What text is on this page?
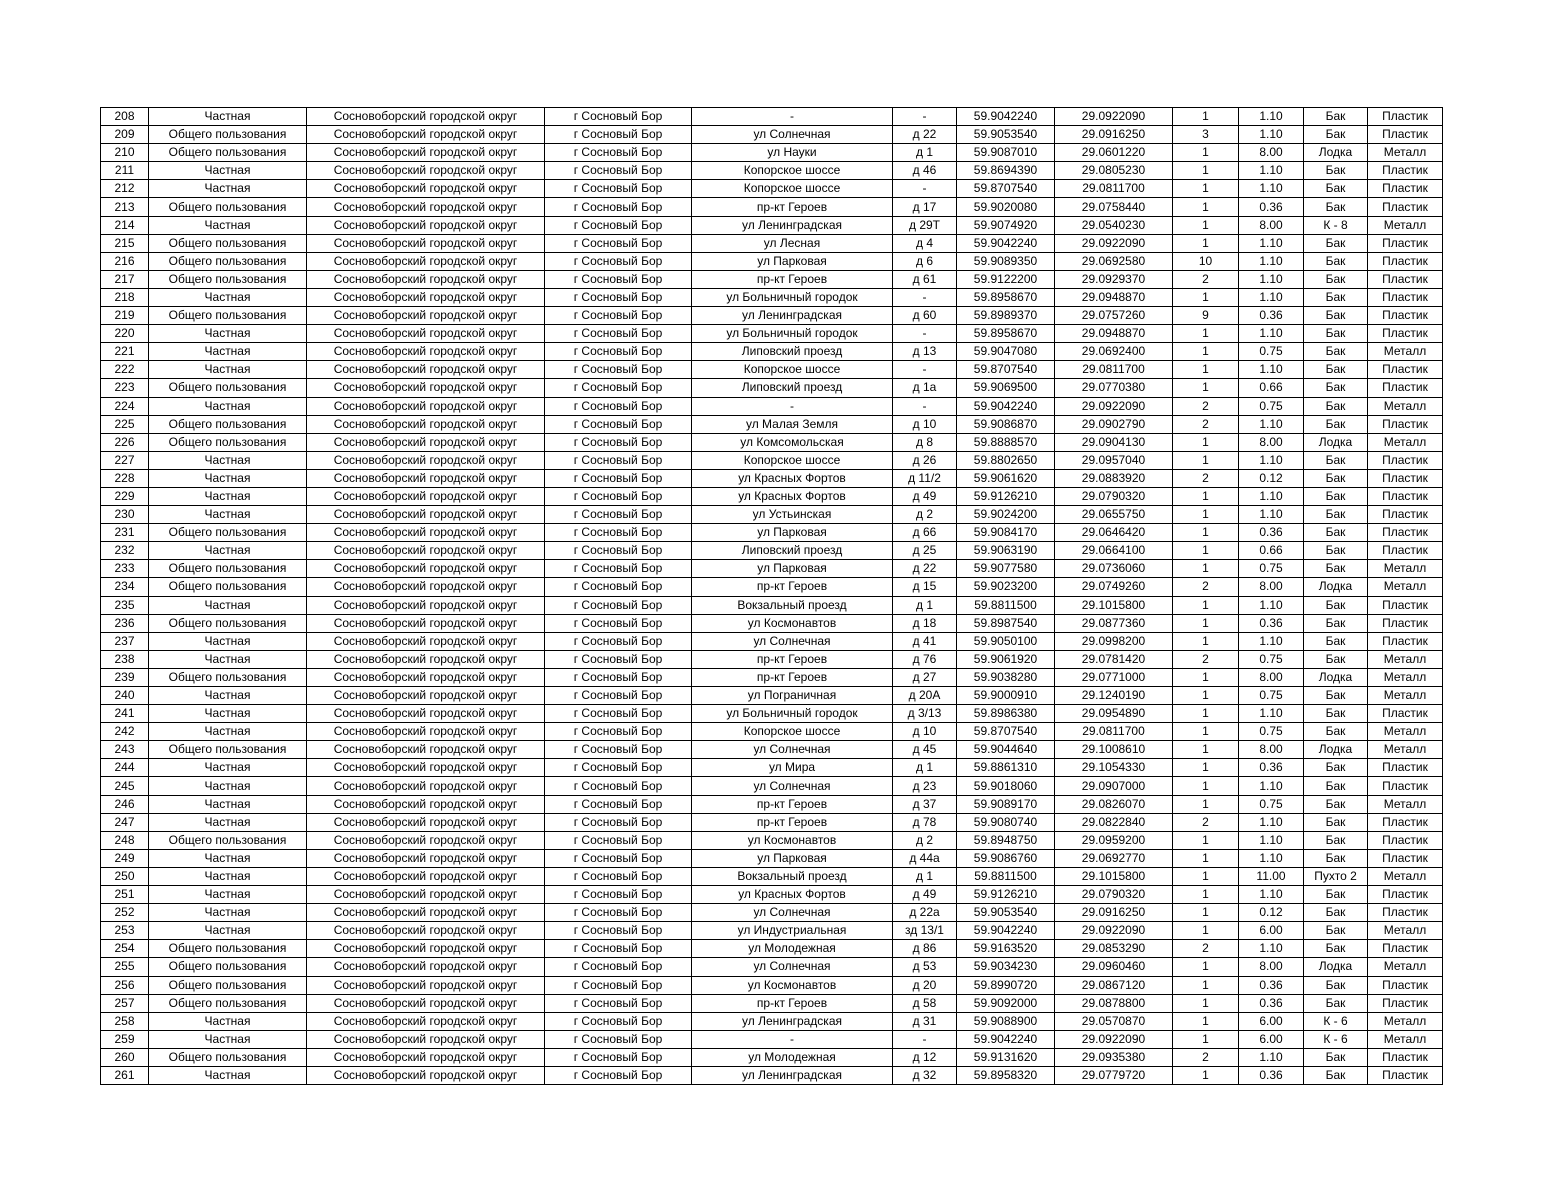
208	Частная	Сосновоборский городской округ	г Сосновый Бор	-	-	59.9042240	29.0922090	1	1.10	Бак	Пластик
209	Общего пользования	Сосновоборский городской округ	г Сосновый Бор	ул Солнечная	д 22	59.9053540	29.0916250	3	1.10	Бак	Пластик
210	Общего пользования	Сосновоборский городской округ	г Сосновый Бор	ул Науки	д 1	59.9087010	29.0601220	1	8.00	Лодка	Металл
211	Частная	Сосновоборский городской округ	г Сосновый Бор	Копорское шоссе	д 46	59.8694390	29.0805230	1	1.10	Бак	Пластик
212	Частная	Сосновоборский городской округ	г Сосновый Бор	Копорское шоссе	-	59.8707540	29.0811700	1	1.10	Бак	Пластик
213	Общего пользования	Сосновоборский городской округ	г Сосновый Бор	пр-кт Героев	д 17	59.9020080	29.0758440	1	0.36	Бак	Пластик
214	Частная	Сосновоборский городской округ	г Сосновый Бор	ул Ленинградская	д 29Т	59.9074920	29.0540230	1	8.00	К - 8	Металл
215	Общего пользования	Сосновоборский городской округ	г Сосновый Бор	ул Лесная	д 4	59.9042240	29.0922090	1	1.10	Бак	Пластик
216	Общего пользования	Сосновоборский городской округ	г Сосновый Бор	ул Парковая	д 6	59.9089350	29.0692580	10	1.10	Бак	Пластик
217	Общего пользования	Сосновоборский городской округ	г Сосновый Бор	пр-кт Героев	д 61	59.9122200	29.0929370	2	1.10	Бак	Пластик
218	Частная	Сосновоборский городской округ	г Сосновый Бор	ул Больничный городок	-	59.8958670	29.0948870	1	1.10	Бак	Пластик
219	Общего пользования	Сосновоборский городской округ	г Сосновый Бор	ул Ленинградская	д 60	59.8989370	29.0757260	9	0.36	Бак	Пластик
220	Частная	Сосновоборский городской округ	г Сосновый Бор	ул Больничный городок	-	59.8958670	29.0948870	1	1.10	Бак	Пластик
221	Частная	Сосновоборский городской округ	г Сосновый Бор	Липовский проезд	д 13	59.9047080	29.0692400	1	0.75	Бак	Металл
222	Частная	Сосновоборский городской округ	г Сосновый Бор	Копорское шоссе	-	59.8707540	29.0811700	1	1.10	Бак	Пластик
223	Общего пользования	Сосновоборский городской округ	г Сосновый Бор	Липовский проезд	д 1а	59.9069500	29.0770380	1	0.66	Бак	Пластик
224	Частная	Сосновоборский городской округ	г Сосновый Бор	-	-	59.9042240	29.0922090	2	0.75	Бак	Металл
225	Общего пользования	Сосновоборский городской округ	г Сосновый Бор	ул Малая Земля	д 10	59.9086870	29.0902790	2	1.10	Бак	Пластик
226	Общего пользования	Сосновоборский городской округ	г Сосновый Бор	ул Комсомольская	д 8	59.8888570	29.0904130	1	8.00	Лодка	Металл
227	Частная	Сосновоборский городской округ	г Сосновый Бор	Копорское шоссе	д 26	59.8802650	29.0957040	1	1.10	Бак	Пластик
228	Частная	Сосновоборский городской округ	г Сосновый Бор	ул Красных Фортов	д 11/2	59.9061620	29.0883920	2	0.12	Бак	Пластик
229	Частная	Сосновоборский городской округ	г Сосновый Бор	ул Красных Фортов	д 49	59.9126210	29.0790320	1	1.10	Бак	Пластик
230	Частная	Сосновоборский городской округ	г Сосновый Бор	ул Устьинская	д 2	59.9024200	29.0655750	1	1.10	Бак	Пластик
231	Общего пользования	Сосновоборский городской округ	г Сосновый Бор	ул Парковая	д 66	59.9084170	29.0646420	1	0.36	Бак	Пластик
232	Частная	Сосновоборский городской округ	г Сосновый Бор	Липовский проезд	д 25	59.9063190	29.0664100	1	0.66	Бак	Пластик
233	Общего пользования	Сосновоборский городской округ	г Сосновый Бор	ул Парковая	д 22	59.9077580	29.0736060	1	0.75	Бак	Металл
234	Общего пользования	Сосновоборский городской округ	г Сосновый Бор	пр-кт Героев	д 15	59.9023200	29.0749260	2	8.00	Лодка	Металл
235	Частная	Сосновоборский городской округ	г Сосновый Бор	Вокзальный проезд	д 1	59.8811500	29.1015800	1	1.10	Бак	Пластик
236	Общего пользования	Сосновоборский городской округ	г Сосновый Бор	ул Космонавтов	д 18	59.8987540	29.0877360	1	0.36	Бак	Пластик
237	Частная	Сосновоборский городской округ	г Сосновый Бор	ул Солнечная	д 41	59.9050100	29.0998200	1	1.10	Бак	Пластик
238	Частная	Сосновоборский городской округ	г Сосновый Бор	пр-кт Героев	д 76	59.9061920	29.0781420	2	0.75	Бак	Металл
239	Общего пользования	Сосновоборский городской округ	г Сосновый Бор	пр-кт Героев	д 27	59.9038280	29.0771000	1	8.00	Лодка	Металл
240	Частная	Сосновоборский городской округ	г Сосновый Бор	ул Пограничная	д 20А	59.9000910	29.1240190	1	0.75	Бак	Металл
241	Частная	Сосновоборский городской округ	г Сосновый Бор	ул Больничный городок	д 3/13	59.8986380	29.0954890	1	1.10	Бак	Пластик
242	Частная	Сосновоборский городской округ	г Сосновый Бор	Копорское шоссе	д 10	59.8707540	29.0811700	1	0.75	Бак	Металл
243	Общего пользования	Сосновоборский городской округ	г Сосновый Бор	ул Солнечная	д 45	59.9044640	29.1008610	1	8.00	Лодка	Металл
244	Частная	Сосновоборский городской округ	г Сосновый Бор	ул Мира	д 1	59.8861310	29.1054330	1	0.36	Бак	Пластик
245	Частная	Сосновоборский городской округ	г Сосновый Бор	ул Солнечная	д 23	59.9018060	29.0907000	1	1.10	Бак	Пластик
246	Частная	Сосновоборский городской округ	г Сосновый Бор	пр-кт Героев	д 37	59.9089170	29.0826070	1	0.75	Бак	Металл
247	Частная	Сосновоборский городской округ	г Сосновый Бор	пр-кт Героев	д 78	59.9080740	29.0822840	2	1.10	Бак	Пластик
248	Общего пользования	Сосновоборский городской округ	г Сосновый Бор	ул Космонавтов	д 2	59.8948750	29.0959200	1	1.10	Бак	Пластик
249	Частная	Сосновоборский городской округ	г Сосновый Бор	ул Парковая	д 44а	59.9086760	29.0692770	1	1.10	Бак	Пластик
250	Частная	Сосновоборский городской округ	г Сосновый Бор	Вокзальный проезд	д 1	59.8811500	29.1015800	1	11.00	Пухто 2	Металл
251	Частная	Сосновоборский городской округ	г Сосновый Бор	ул Красных Фортов	д 49	59.9126210	29.0790320	1	1.10	Бак	Пластик
252	Частная	Сосновоборский городской округ	г Сосновый Бор	ул Солнечная	д 22а	59.9053540	29.0916250	1	0.12	Бак	Пластик
253	Частная	Сосновоборский городской округ	г Сосновый Бор	ул Индустриальная	зд 13/1	59.9042240	29.0922090	1	6.00	Бак	Металл
254	Общего пользования	Сосновоборский городской округ	г Сосновый Бор	ул Молодежная	д 86	59.9163520	29.0853290	2	1.10	Бак	Пластик
255	Общего пользования	Сосновоборский городской округ	г Сосновый Бор	ул Солнечная	д 53	59.9034230	29.0960460	1	8.00	Лодка	Металл
256	Общего пользования	Сосновоборский городской округ	г Сосновый Бор	ул Космонавтов	д 20	59.8990720	29.0867120	1	0.36	Бак	Пластик
257	Общего пользования	Сосновоборский городской округ	г Сосновый Бор	пр-кт Героев	д 58	59.9092000	29.0878800	1	0.36	Бак	Пластик
258	Частная	Сосновоборский городской округ	г Сосновый Бор	ул Ленинградская	д 31	59.9088900	29.0570870	1	6.00	К - 6	Металл
259	Частная	Сосновоборский городской округ	г Сосновый Бор	-	-	59.9042240	29.0922090	1	6.00	К - 6	Металл
260	Общего пользования	Сосновоборский городской округ	г Сосновый Бор	ул Молодежная	д 12	59.9131620	29.0935380	2	1.10	Бак	Пластик
261	Частная	Сосновоборский городской округ	г Сосновый Бор	ул Ленинградская	д 32	59.8958320	29.0779720	1	0.36	Бак	Пластик
